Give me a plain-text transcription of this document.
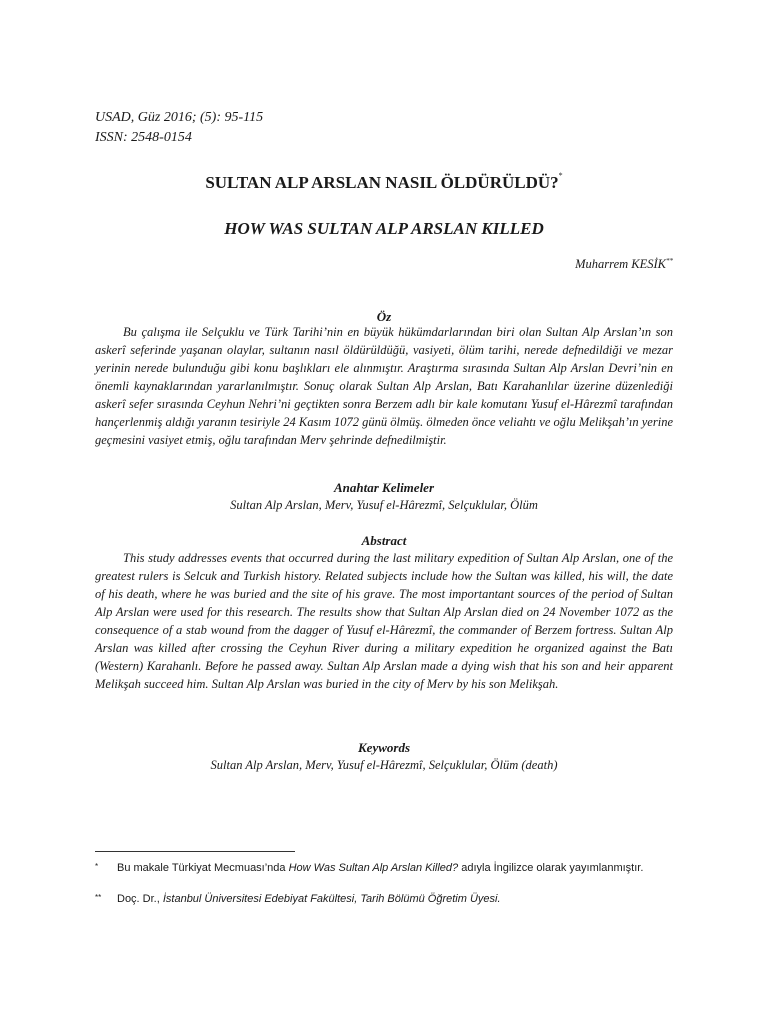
USAD, Güz 2016; (5): 95-115
ISSN: 2548-0154
SULTAN ALP ARSLAN NASIL ÖLDÜRÜLDÜ?*
HOW WAS SULTAN ALP ARSLAN KILLED
Muharrem KESİK**
Öz

Bu çalışma ile Selçuklu ve Türk Tarihi’nin en büyük hükümdarlarından biri olan Sultan Alp Arslan’ın son askerî seferinde yaşanan olaylar, sultanın nasıl öldürüldüğü, vasiyeti, ölüm tarihi, nerede defnedildiği ve mezar yerinin nerede bulunduğu gibi konu başlıkları ele alınmıştır. Araştırma sırasında Sultan Alp Arslan Devri’nin en önemli kaynaklarından yararlanılmıştır. Sonuç olarak Sultan Alp Arslan, Batı Karahanlılar üzerine düzenlediği askerî sefer sırasında Ceyhun Nehri’ni geçtikten sonra Berzem adlı bir kale komutanı Yusuf el-Hârezmî tarafından hançerlenmiş aldığı yaranın tesiriyle 24 Kasım 1072 günü ölmüş. ölmeden önce veliahtı ve oğlu Melikşah’ın yerine geçmesini vasiyet etmiş, oğlu tarafından Merv şehrinde defnedilmiştir.

Anahtar Kelimeler
Sultan Alp Arslan, Merv, Yusuf el-Hârezmî, Selçuklular, Ölüm
Abstract

This study addresses events that occurred during the last military expedition of Sultan Alp Arslan, one of the greatest rulers is Selcuk and Turkish history. Related subjects include how the Sultan was killed, his will, the date of his death, where he was buried and the site of his grave. The most importantant sources of the period of Sultan Alp Arslan were used for this research. The results show that Sultan Alp Arslan died on 24 November 1072 as the consequence of a stab wound from the dagger of Yusuf el-Hârezmî, the commander of Berzem fortress. Sultan Alp Arslan was killed after crossing the Ceyhun River during a military expedition he organized against the Batı (Western) Karahanlı. Before he passed away. Sultan Alp Arslan made a dying wish that his son and heir apparent Melikşah succeed him. Sultan Alp Arslan was buried in the city of Merv by his son Melikşah.

Keywords
Sultan Alp Arslan, Merv, Yusuf el-Hârezmî, Selçuklular, Ölüm (death)
* Bu makale Türkiyat Mecmuası’nda How Was Sultan Alp Arslan Killed? adıyla İngilizce olarak yayımlanmıştır.
** Doç. Dr., İstanbul Üniversitesi Edebiyat Fakültesi, Tarih Bölümü Öğretim Üyesi.
